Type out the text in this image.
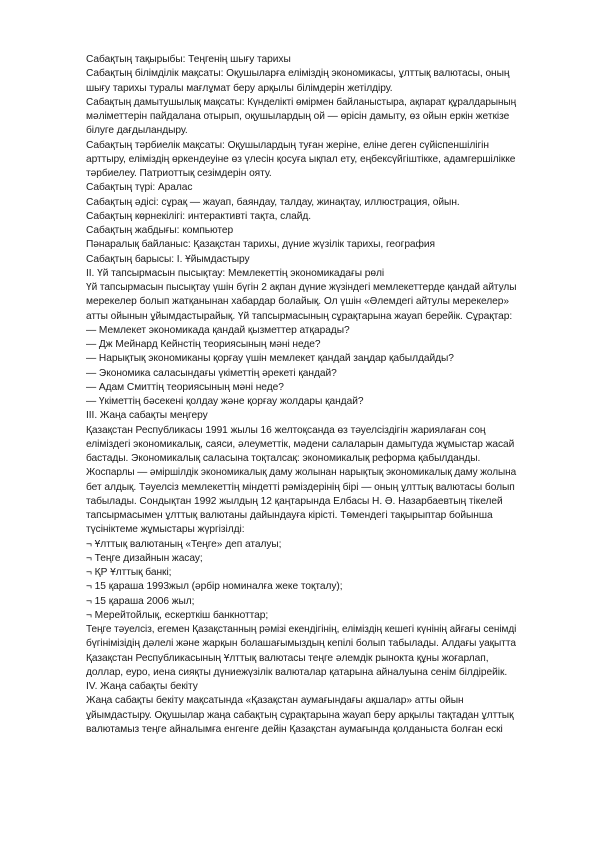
Сабақтың тақырыбы: Теңгенің шығу тарихы
Сабақтың білімділік мақсаты: Оқушыларға еліміздің экономикасы, ұлттық валютасы, оның
шығу тарихы туралы мағлұмат беру арқылы білімдерін жетілдіру.
Сабақтың дамытушылық мақсаты: Күнделікті өмірмен байланыстыра, ақпарат құралдарының
мәліметтерін пайдалана отырып, оқушылардың ой — өрісін дамыту, өз ойын еркін жеткізе
білуге дағдыландыру.
Сабақтың тәрбиелік мақсаты: Оқушылардың туған жеріне, еліне деген сүйіспеншілігін
арттыру, еліміздің өркендеуіне өз үлесін қосуға ықпал ету, еңбексүйгіштікке, адамгершілікке
тәрбиелеу. Патриоттық сезімдерін ояту.
Сабақтың түрі: Аралас
Сабақтың әдісі: сұрақ — жауап, баяндау, талдау, жинақтау, иллюстрация, ойын.
Сабақтың көрнекілігі: интерактивті тақта, слайд.
Сабақтың жабдығы: компьютер
Пәнаралық байланыс: Қазақстан тарихы, дүние жүзілік тарихы, география
Сабақтың барысы: I. Ұйымдастыру
II. Үй тапсырмасын пысықтау: Мемлекеттің экономикадағы рөлі
Үй тапсырмасын пысықтау үшін бүгін 2 ақпан дүние жүзіндегі мемлекеттерде қандай айтулы
мерекелер болып жатқанынан хабардар болайық. Ол үшін «Әлемдегі айтулы мерекелер»
атты ойынын ұйымдастырайық. Үй тапсырмасының сұрақтарына жауап берейік. Сұрақтар:
— Мемлекет экономикада қандай қызметтер атқарады?
— Дж Мейнард Кейнстің теориясының мәні неде?
— Нарықтық экономиканы қорғау үшін мемлекет қандай заңдар қабылдайды?
— Экономика саласындағы үкіметтің әрекеті қандай?
— Адам Смиттің теориясының мәні неде?
— Үкіметтің бәсекені қолдау және қорғау жолдары қандай?
III. Жаңа сабақты меңгеру
Қазақстан Республикасы 1991 жылы 16 желтоқсанда өз тәуелсіздігін жариялаған соң
еліміздегі экономикалық, саяси, әлеуметтік, мәдени салаларын дамытуда жұмыстар жасай
бастады. Экономикалық саласына тоқталсақ: экономикалық реформа қабылданды.
Жоспарлы — әміршілдік экономикалық даму жолынан нарықтық экономикалық даму жолына
бет алдық. Тәуелсіз мемлекеттің міндетті рәміздерінің бірі — оның ұлттық валютасы болып
табылады. Сондықтан 1992 жылдың 12 қаңтарында Елбасы Н. Ә. Назарбаевтың тікелей
тапсырмасымен ұлттық валютаны дайындауға кірісті. Төмендегі тақырыптар бойынша
түсініктеме жұмыстары жүргізілді:
¬ Ұлттық валютаның «Теңге» деп аталуы;
¬ Теңге дизайнын жасау;
¬ ҚР Ұлттық банкі;
¬ 15 қараша 1993жыл (әрбір номиналға жеке тоқталу);
¬ 15 қараша 2006 жыл;
¬ Мерейтойлық, ескерткіш банкноттар;
Теңге тәуелсіз, егемен Қазақстанның рәмізі екендігінің, еліміздің кешегі күнінің айғағы сенімді
бүгінімізідің дәлелі және жарқын болашағымыздың кепілі болып табылады. Алдағы уақытта
Қазақстан Республикасының Ұлттық валютасы теңге әлемдік рынокта құны жоғарлап,
доллар, еуро, иена сияқты дүниежүзілік валюталар қатарына айналуына сенім білдірейік.
IV. Жаңа сабақты бекіту
Жаңа сабақты бекіту мақсатында «Қазақстан аумағындағы ақшалар» атты ойын
ұйымдастыру. Оқушылар жаңа сабақтың сұрақтарына жауап беру арқылы тақтадан ұлттық
валютамыз теңге айналымға енгенге дейін Қазақстан аумағында қолданыста болған ескі
